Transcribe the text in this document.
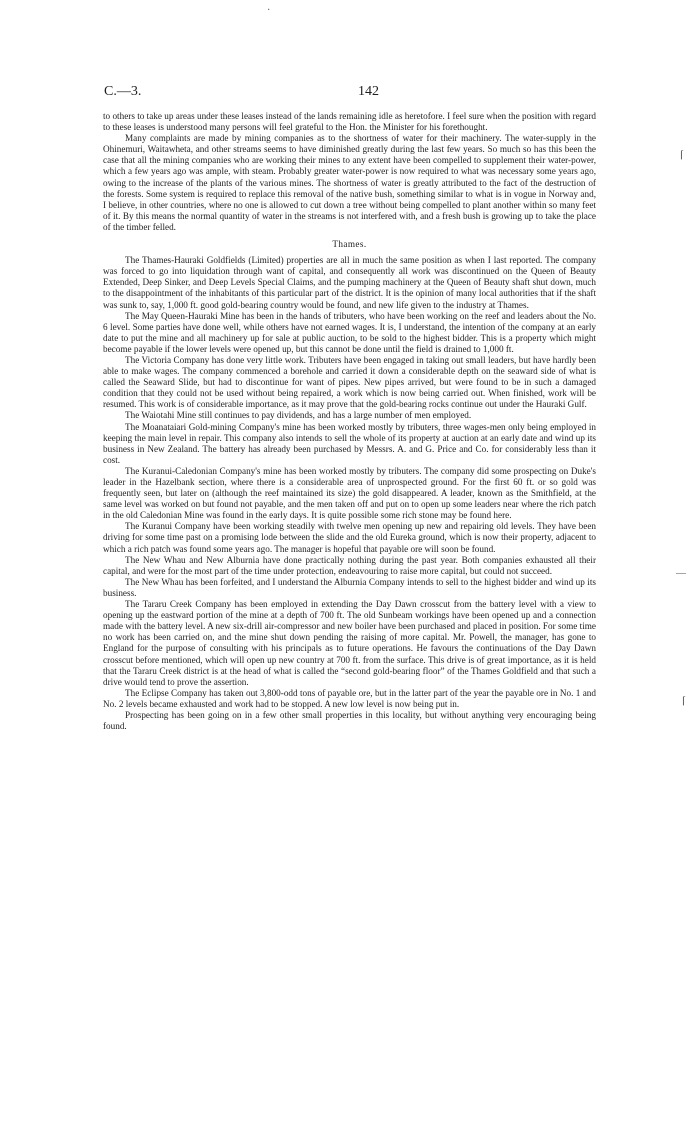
․
⌈
—
⌈
C.—3.	142

to others to take up areas under these leases instead of the lands remaining idle as heretofore. I feel sure when the position with regard to these leases is understood many persons will feel grateful to the Hon. the Minister for his forethought.

Many complaints are made by mining companies as to the shortness of water for their machinery. The water-supply in the Ohinemuri, Waitawheta, and other streams seems to have diminished greatly during the last few years. So much so has this been the case that all the mining companies who are working their mines to any extent have been compelled to supplement their water-power, which a few years ago was ample, with steam. Probably greater water-power is now required to what was necessary some years ago, owing to the increase of the plants of the various mines. The shortness of water is greatly attributed to the fact of the destruction of the forests. Some system is required to replace this removal of the native bush, something similar to what is in vogue in Norway and, I believe, in other countries, where no one is allowed to cut down a tree without being compelled to plant another within so many feet of it. By this means the normal quantity of water in the streams is not interfered with, and a fresh bush is growing up to take the place of the timber felled.

Thames.

The Thames-Hauraki Goldfields (Limited) properties are all in much the same position as when I last reported. The company was forced to go into liquidation through want of capital, and consequently all work was discontinued on the Queen of Beauty Extended, Deep Sinker, and Deep Levels Special Claims, and the pumping machinery at the Queen of Beauty shaft shut down, much to the disappointment of the inhabitants of this particular part of the district. It is the opinion of many local authorities that if the shaft was sunk to, say, 1,000 ft. good gold-bearing country would be found, and new life given to the industry at Thames.

The May Queen-Hauraki Mine has been in the hands of tributers, who have been working on the reef and leaders about the No. 6 level. Some parties have done well, while others have not earned wages. It is, I understand, the intention of the company at an early date to put the mine and all machinery up for sale at public auction, to be sold to the highest bidder. This is a property which might become payable if the lower levels were opened up, but this cannot be done until the field is drained to 1,000 ft.

The Victoria Company has done very little work. Tributers have been engaged in taking out small leaders, but have hardly been able to make wages. The company commenced a borehole and carried it down a considerable depth on the seaward side of what is called the Seaward Slide, but had to discontinue for want of pipes. New pipes arrived, but were found to be in such a damaged condition that they could not be used without being repaired, a work which is now being carried out. When finished, work will be resumed. This work is of considerable importance, as it may prove that the gold-bearing rocks continue out under the Hauraki Gulf.

The Waiotahi Mine still continues to pay dividends, and has a large number of men employed.

The Moanataiari Gold-mining Company's mine has been worked mostly by tributers, three wages-men only being employed in keeping the main level in repair. This company also intends to sell the whole of its property at auction at an early date and wind up its business in New Zealand. The battery has already been purchased by Messrs. A. and G. Price and Co. for considerably less than it cost.

The Kuranui-Caledonian Company's mine has been worked mostly by tributers. The company did some prospecting on Duke's leader in the Hazelbank section, where there is a considerable area of unprospected ground. For the first 60 ft. or so gold was frequently seen, but later on (although the reef maintained its size) the gold disappeared. A leader, known as the Smithfield, at the same level was worked on but found not payable, and the men taken off and put on to open up some leaders near where the rich patch in the old Caledonian Mine was found in the early days. It is quite possible some rich stone may be found here.

The Kuranui Company have been working steadily with twelve men opening up new and repairing old levels. They have been driving for some time past on a promising lode between the slide and the old Eureka ground, which is now their property, adjacent to which a rich patch was found some years ago. The manager is hopeful that payable ore will soon be found.

The New Whau and New Alburnia have done practically nothing during the past year. Both companies exhausted all their capital, and were for the most part of the time under protection, endeavouring to raise more capital, but could not succeed.

The New Whau has been forfeited, and I understand the Alburnia Company intends to sell to the highest bidder and wind up its business.

The Tararu Creek Company has been employed in extending the Day Dawn crosscut from the battery level with a view to opening up the eastward portion of the mine at a depth of 700 ft. The old Sunbeam workings have been opened up and a connection made with the battery level. A new six-drill air-compressor and new boiler have been purchased and placed in position. For some time no work has been carried on, and the mine shut down pending the raising of more capital. Mr. Powell, the manager, has gone to England for the purpose of consulting with his principals as to future operations. He favours the continuations of the Day Dawn crosscut before mentioned, which will open up new country at 700 ft. from the surface. This drive is of great importance, as it is held that the Tararu Creek district is at the head of what is called the “second gold-bearing floor” of the Thames Goldfield and that such a drive would tend to prove the assertion.

The Eclipse Company has taken out 3,800-odd tons of payable ore, but in the latter part of the year the payable ore in No. 1 and No. 2 levels became exhausted and work had to be stopped. A new low level is now being put in.

Prospecting has been going on in a few other small properties in this locality, but without anything very encouraging being found.
